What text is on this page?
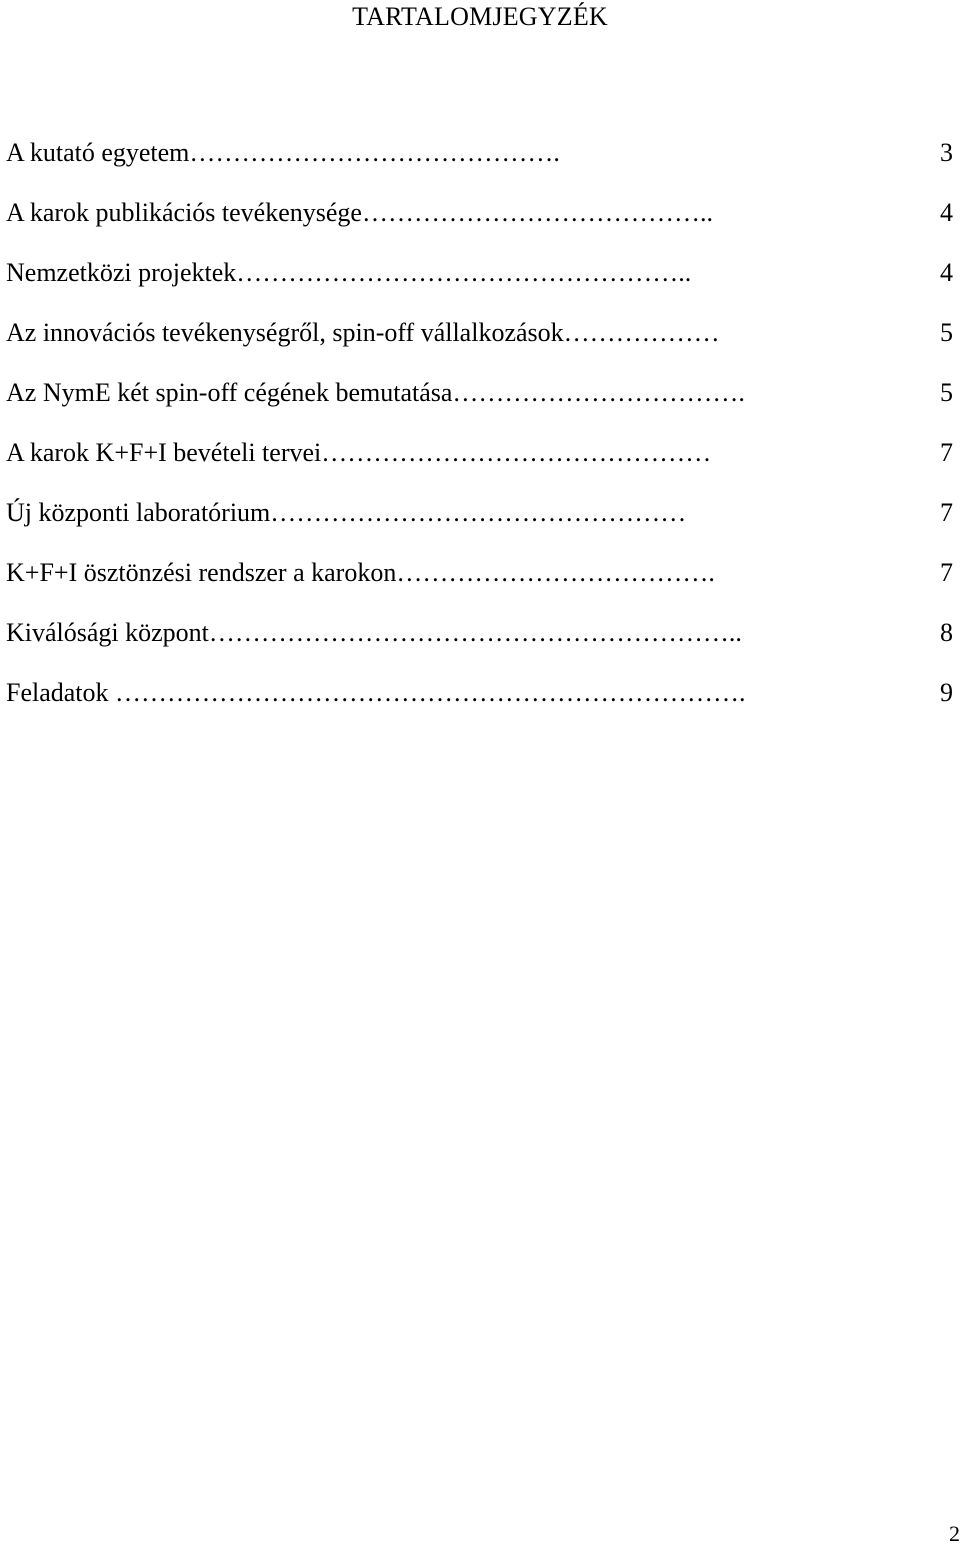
TARTALOMJEGYZÉK
A kutató egyetem…………………………………….	3
A karok publikációs tevékenysége…………………………………..	4
Nemzetközi projektek……………………………………………..	4
Az innovációs tevékenységről, spin-off vállalkozások………………	5
Az NymE két spin-off cégének bemutatása…………………………….	5
A karok K+F+I bevételi tervei………………………………………	7
Új központi laboratórium…………………………………………	7
K+F+I ösztönzési rendszer a karokon……………………………….	7
Kiválósági központ……………………………………………………..	8
Feladatok ……………………………………………………………….	9
2
